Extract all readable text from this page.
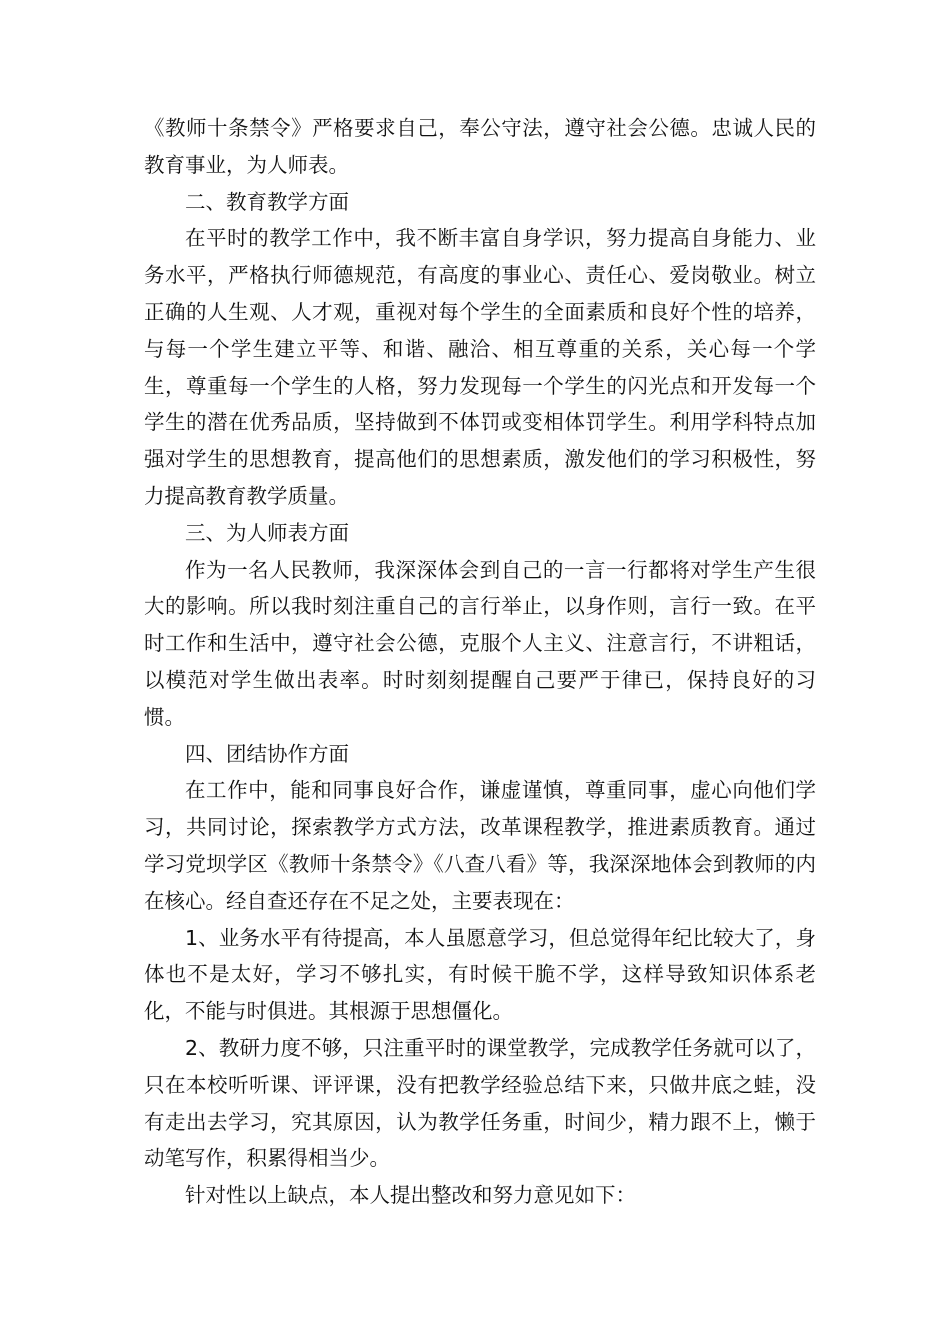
《教师十条禁令》严格要求自己，奉公守法，遵守社会公德。忠诚人民的教育事业，为人师表。

二、教育教学方面

在平时的教学工作中，我不断丰富自身学识，努力提高自身能力、业务水平，严格执行师德规范，有高度的事业心、责任心、爱岗敬业。树立正确的人生观、人才观，重视对每个学生的全面素质和良好个性的培养，与每一个学生建立平等、和谐、融洽、相互尊重的关系，关心每一个学生，尊重每一个学生的人格，努力发现每一个学生的闪光点和开发每一个学生的潜在优秀品质，坚持做到不体罚或变相体罚学生。利用学科特点加强对学生的思想教育，提高他们的思想素质，激发他们的学习积极性，努力提高教育教学质量。

三、为人师表方面

作为一名人民教师，我深深体会到自己的一言一行都将对学生产生很大的影响。所以我时刻注重自己的言行举止，以身作则，言行一致。在平时工作和生活中，遵守社会公德，克服个人主义、注意言行，不讲粗话，以模范对学生做出表率。时时刻刻提醒自己要严于律已，保持良好的习惯。

四、团结协作方面

在工作中，能和同事良好合作，谦虚谨慎，尊重同事，虚心向他们学习，共同讨论，探索教学方式方法，改革课程教学，推进素质教育。通过学习党坝学区《教师十条禁令》《八查八看》等，我深深地体会到教师的内在核心。经自查还存在不足之处，主要表现在：

1、业务水平有待提高，本人虽愿意学习，但总觉得年纪比较大了，身体也不是太好，学习不够扎实，有时候干脆不学，这样导致知识体系老化，不能与时俱进。其根源于思想僵化。

2、教研力度不够，只注重平时的课堂教学，完成教学任务就可以了，只在本校听听课、评评课，没有把教学经验总结下来，只做井底之蛙，没有走出去学习，究其原因，认为教学任务重，时间少，精力跟不上，懒于动笔写作，积累得相当少。

针对性以上缺点，本人提出整改和努力意见如下：
